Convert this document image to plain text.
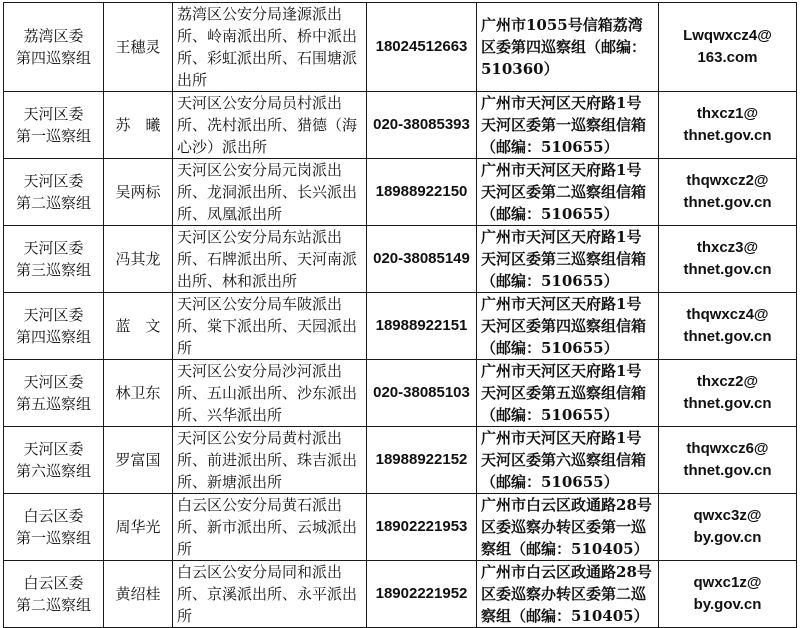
荔湾区委
第四巡察组	王穗灵	荔湾区公安分局逢源派出所、岭南派出所、桥中派出所、彩虹派出所、石围塘派出所	18024512663	广州市1055号信箱荔湾区委第四巡察组（邮编：510360）	Lwqwxcz4@
163.com

天河区委
第一巡察组	苏　曦	天河区公安分局员村派出所、冼村派出所、猎德（海心沙）派出所	020-38085393	广州市天河区天府路1号天河区委第一巡察组信箱（邮编：510655）	thxcz1@
thnet.gov.cn

天河区委
第二巡察组	吴两标	天河区公安分局元岗派出所、龙洞派出所、长兴派出所、凤凰派出所	18988922150	广州市天河区天府路1号天河区委第二巡察组信箱（邮编：510655）	thqwxcz2@
thnet.gov.cn

天河区委
第三巡察组	冯其龙	天河区公安分局东站派出所、石牌派出所、天河南派出所、林和派出所	020-38085149	广州市天河区天府路1号天河区委第三巡察组信箱（邮编：510655）	thxcz3@
thnet.gov.cn

天河区委
第四巡察组	蓝　文	天河区公安分局车陂派出所、棠下派出所、天园派出所	18988922151	广州市天河区天府路1号天河区委第四巡察组信箱（邮编：510655）	thqwxcz4@
thnet.gov.cn

天河区委
第五巡察组	林卫东	天河区公安分局沙河派出所、五山派出所、沙东派出所、兴华派出所	020-38085103	广州市天河区天府路1号天河区委第五巡察组信箱（邮编：510655）	thxcz2@
thnet.gov.cn

天河区委
第六巡察组	罗富国	天河区公安分局黄村派出所、前进派出所、珠吉派出所、新塘派出所	18988922152	广州市天河区天府路1号天河区委第六巡察组信箱（邮编：510655）	thqwxcz6@
thnet.gov.cn

白云区委
第一巡察组	周华光	白云区公安分局黄石派出所、新市派出所、云城派出所	18902221953	广州市白云区政通路28号区委巡察办转区委第一巡察组（邮编：510405）	qwxc3z@
by.gov.cn

白云区委
第二巡察组	黄绍桂	白云区公安分局同和派出所、京溪派出所、永平派出所	18902221952	广州市白云区政通路28号区委巡察办转区委第二巡察组（邮编：510405）	qwxc1z@
by.gov.cn
